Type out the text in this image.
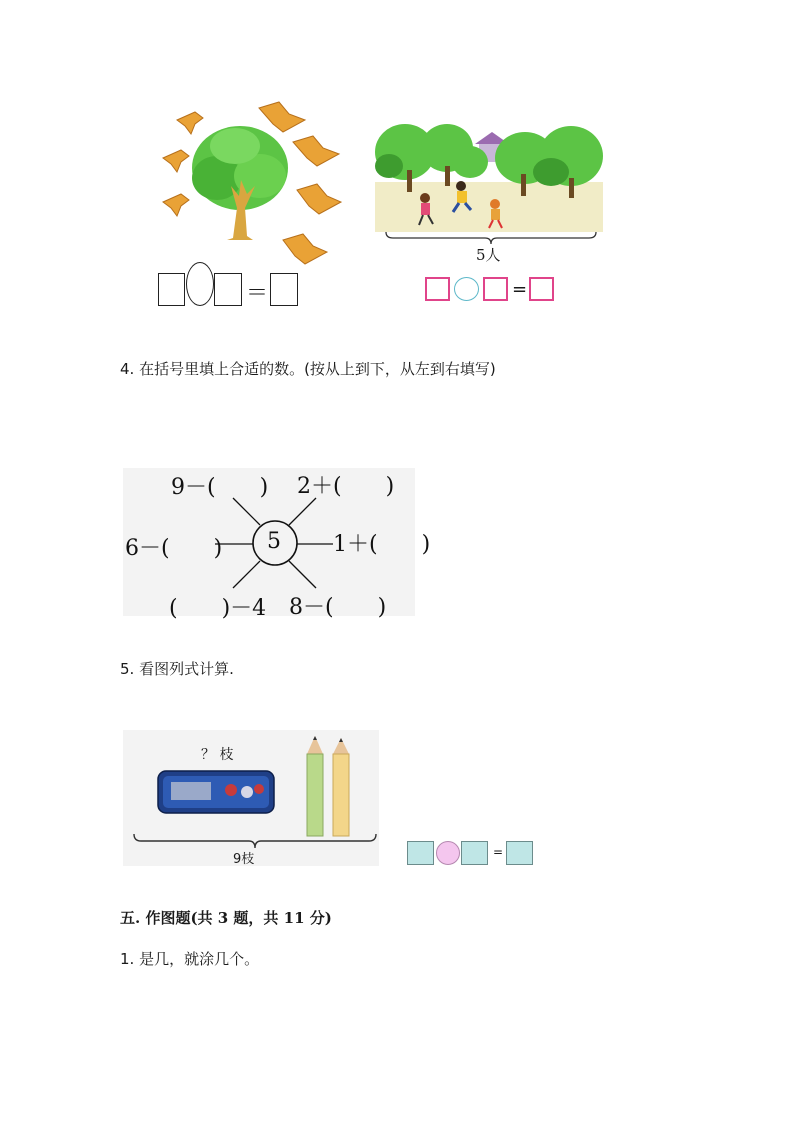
＝
5人
=
4. 在括号里填上合适的数。(按从上到下，从左到右填写)
5
9－(　　) 2＋(　　)
6－(　　)	1＋(　　)
(　　)－4 8－(　　)
5. 看图列式计算.
？ 枝
9枝	=
五. 作图题(共 3 题，共 11 分)
1. 是几，就涂几个。
